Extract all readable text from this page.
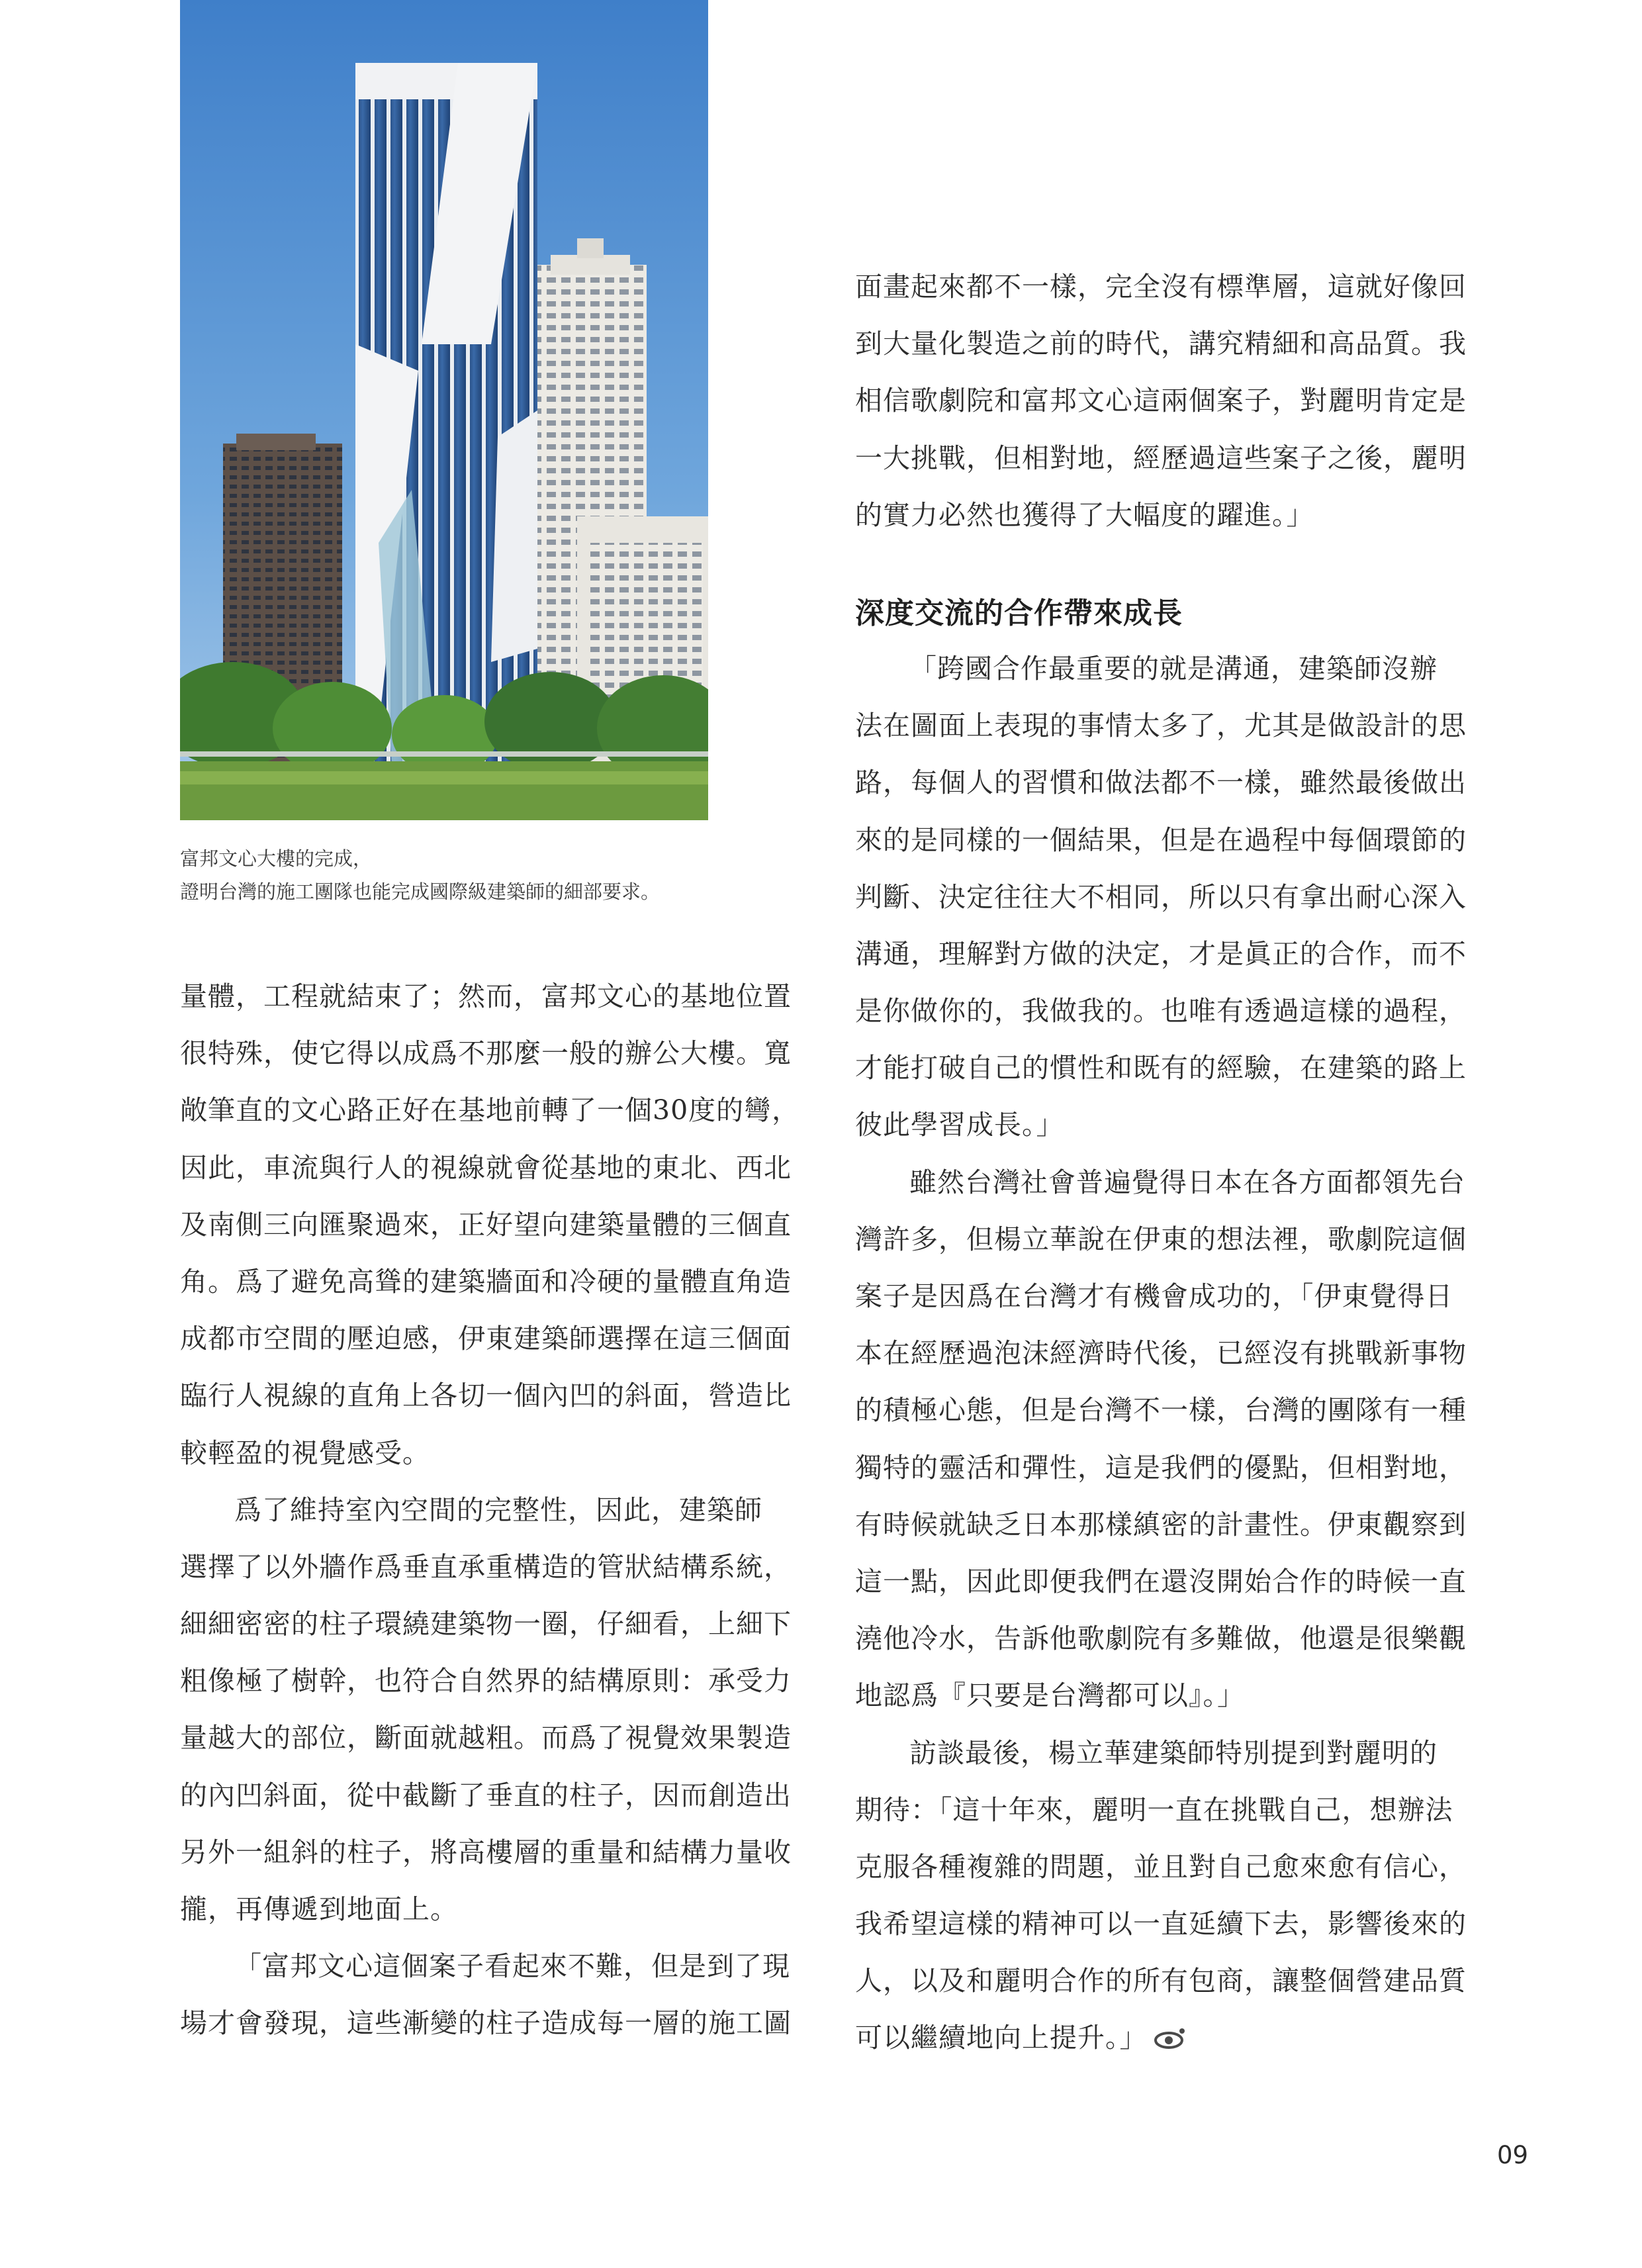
富邦文心大樓的完成，
證明台灣的施工團隊也能完成國際級建築師的細部要求。
量體，工程就結束了；然而，富邦文心的基地位置
很特殊，使它得以成爲不那麼一般的辦公大樓。寬
敞筆直的文心路正好在基地前轉了一個30度的彎，
因此，車流與行人的視線就會從基地的東北、西北
及南側三向匯聚過來，正好望向建築量體的三個直
角。爲了避免高聳的建築牆面和冷硬的量體直角造
成都市空間的壓迫感，伊東建築師選擇在這三個面
臨行人視線的直角上各切一個內凹的斜面，營造比
較輕盈的視覺感受。
爲了維持室內空間的完整性，因此，建築師
選擇了以外牆作爲垂直承重構造的管狀結構系統，
細細密密的柱子環繞建築物一圈，仔細看，上細下
粗像極了樹幹，也符合自然界的結構原則：承受力
量越大的部位，斷面就越粗。而爲了視覺效果製造
的內凹斜面，從中截斷了垂直的柱子，因而創造出
另外一組斜的柱子，將高樓層的重量和結構力量收
攏，再傳遞到地面上。
「富邦文心這個案子看起來不難，但是到了現
場才會發現，這些漸變的柱子造成每一層的施工圖
面畫起來都不一樣，完全沒有標準層，這就好像回
到大量化製造之前的時代，講究精細和高品質。我
相信歌劇院和富邦文心這兩個案子，對麗明肯定是
一大挑戰，但相對地，經歷過這些案子之後，麗明
的實力必然也獲得了大幅度的躍進。」
深度交流的合作帶來成長
「跨國合作最重要的就是溝通，建築師沒辦
法在圖面上表現的事情太多了，尤其是做設計的思
路，每個人的習慣和做法都不一樣，雖然最後做出
來的是同樣的一個結果，但是在過程中每個環節的
判斷、決定往往大不相同，所以只有拿出耐心深入
溝通，理解對方做的決定，才是眞正的合作，而不
是你做你的，我做我的。也唯有透過這樣的過程，
才能打破自己的慣性和既有的經驗，在建築的路上
彼此學習成長。」
雖然台灣社會普遍覺得日本在各方面都領先台
灣許多，但楊立華說在伊東的想法裡，歌劇院這個
案子是因爲在台灣才有機會成功的，「伊東覺得日
本在經歷過泡沫經濟時代後，已經沒有挑戰新事物
的積極心態，但是台灣不一樣，台灣的團隊有一種
獨特的靈活和彈性，這是我們的優點，但相對地，
有時候就缺乏日本那樣縝密的計畫性。伊東觀察到
這一點，因此即便我們在還沒開始合作的時候一直
澆他冷水，告訴他歌劇院有多難做，他還是很樂觀
地認爲『只要是台灣都可以』。」
訪談最後，楊立華建築師特別提到對麗明的
期待：「這十年來，麗明一直在挑戰自己，想辦法
克服各種複雜的問題，並且對自己愈來愈有信心，
我希望這樣的精神可以一直延續下去，影響後來的
人，以及和麗明合作的所有包商，讓整個營建品質
可以繼續地向上提升。」
09
